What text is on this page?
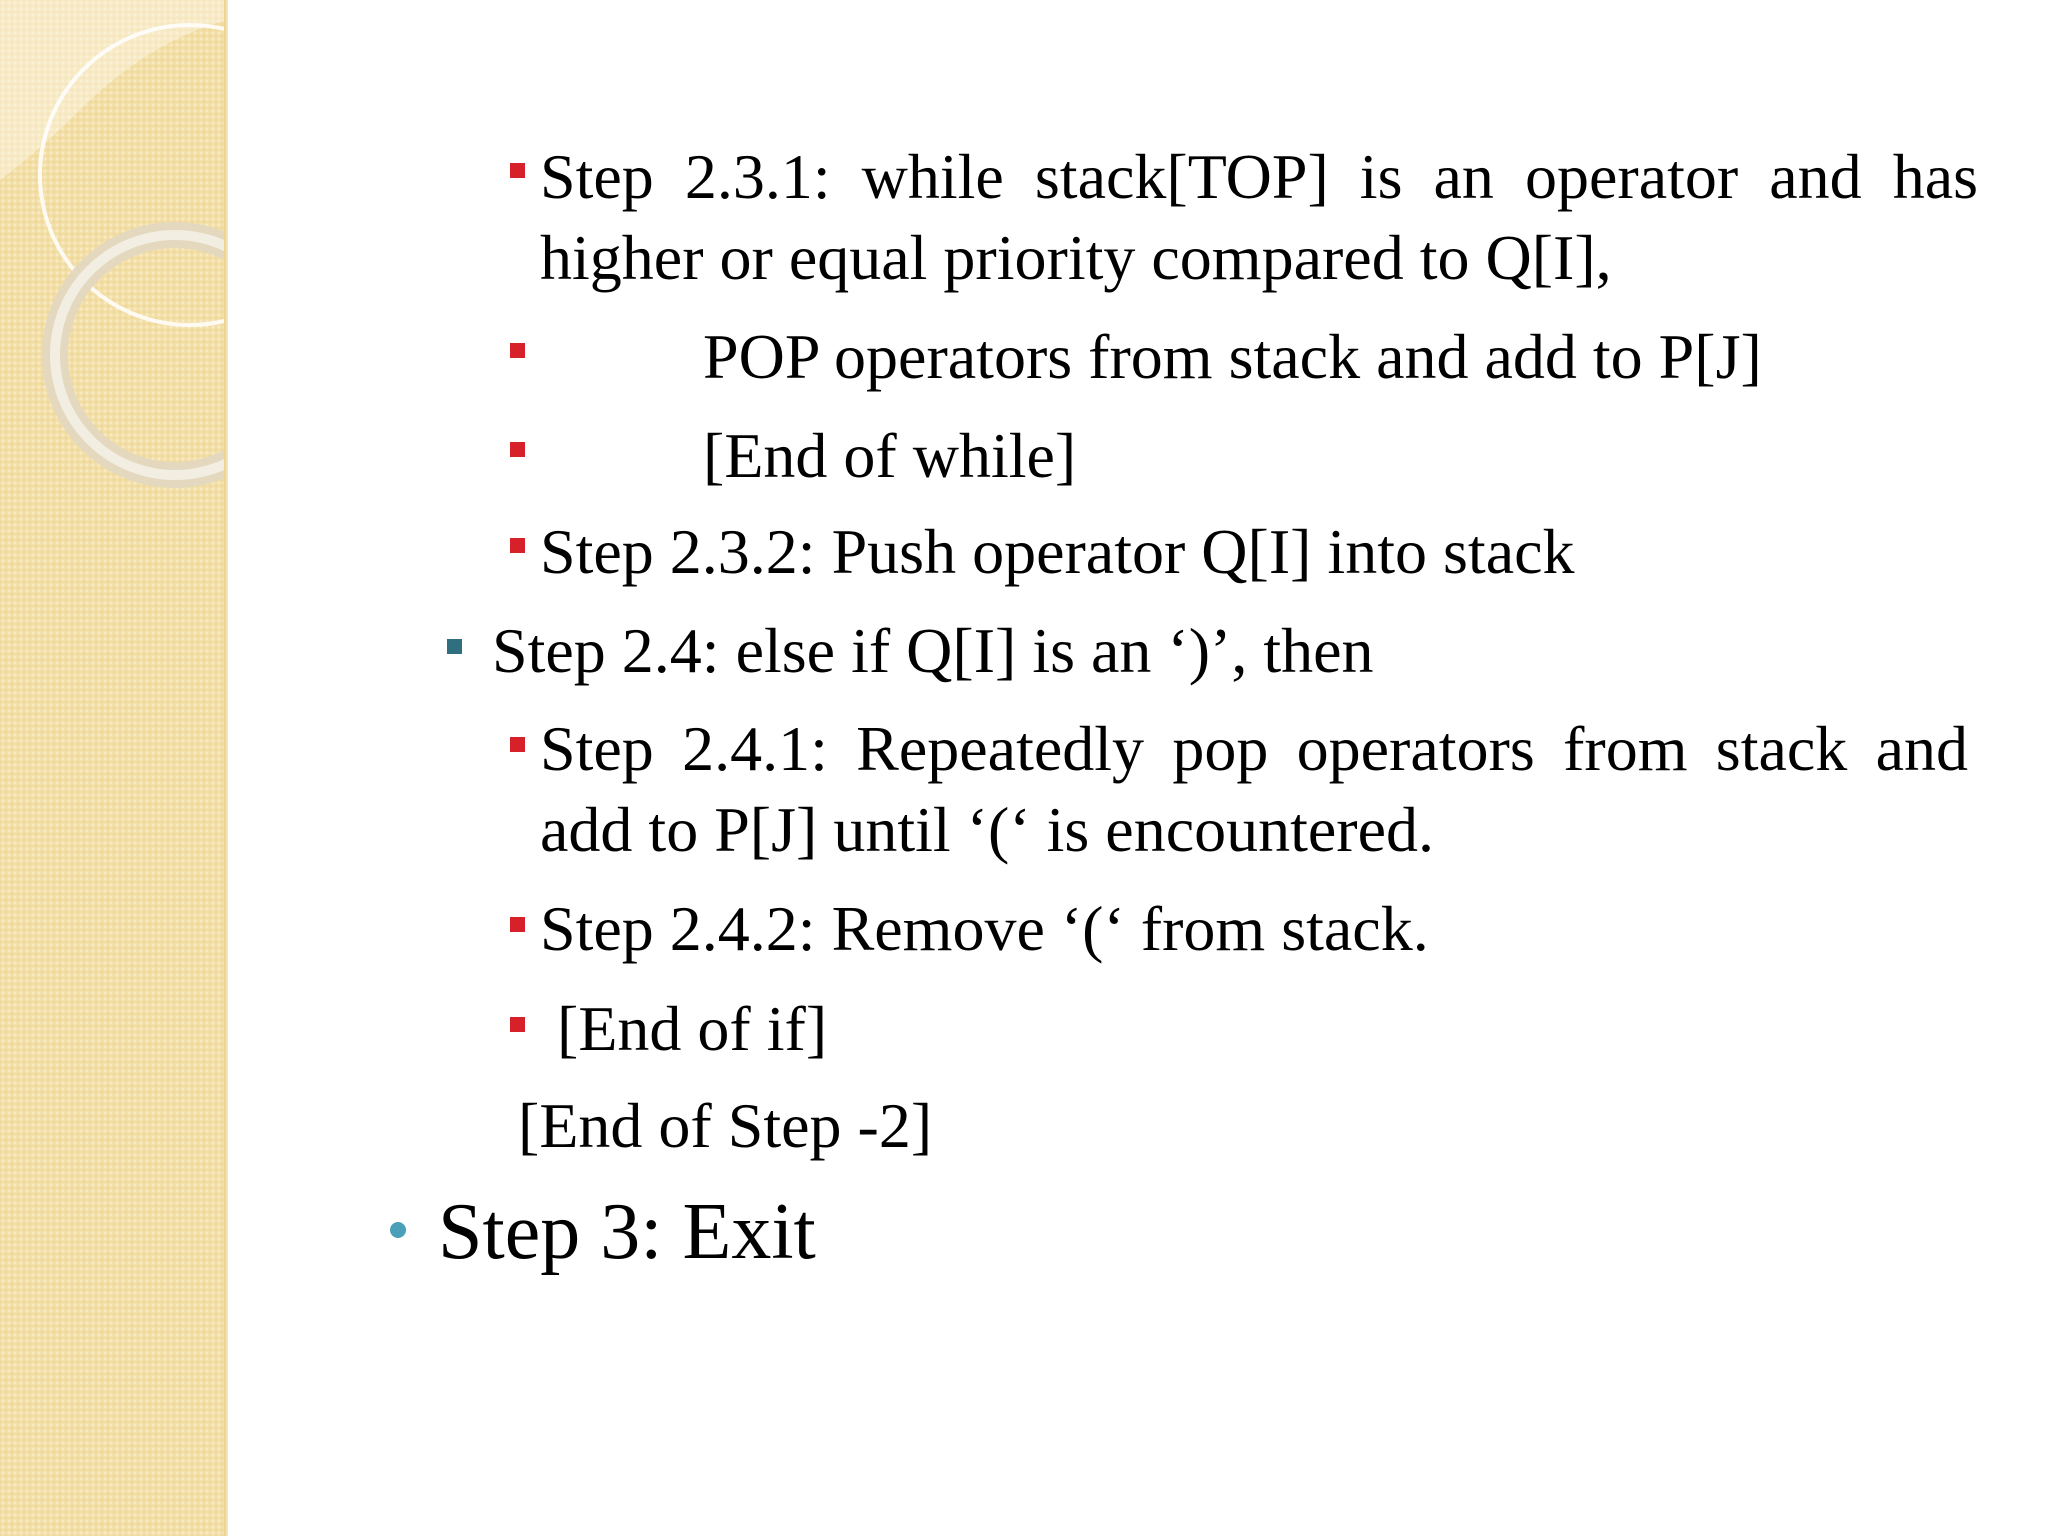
Step 2.3.1: while stack[TOP] is an operator and has
higher or equal priority compared to Q[I],
POP operators from stack and add to P[J]
[End of while]
Step 2.3.2: Push operator Q[I] into stack
Step 2.4: else if Q[I] is an ‘)’, then
Step 2.4.1: Repeatedly pop operators from stack and
add to P[J] until ‘(‘ is encountered.
Step 2.4.2: Remove ‘(‘ from stack.
[End of if]
[End of Step -2]
Step 3: Exit
